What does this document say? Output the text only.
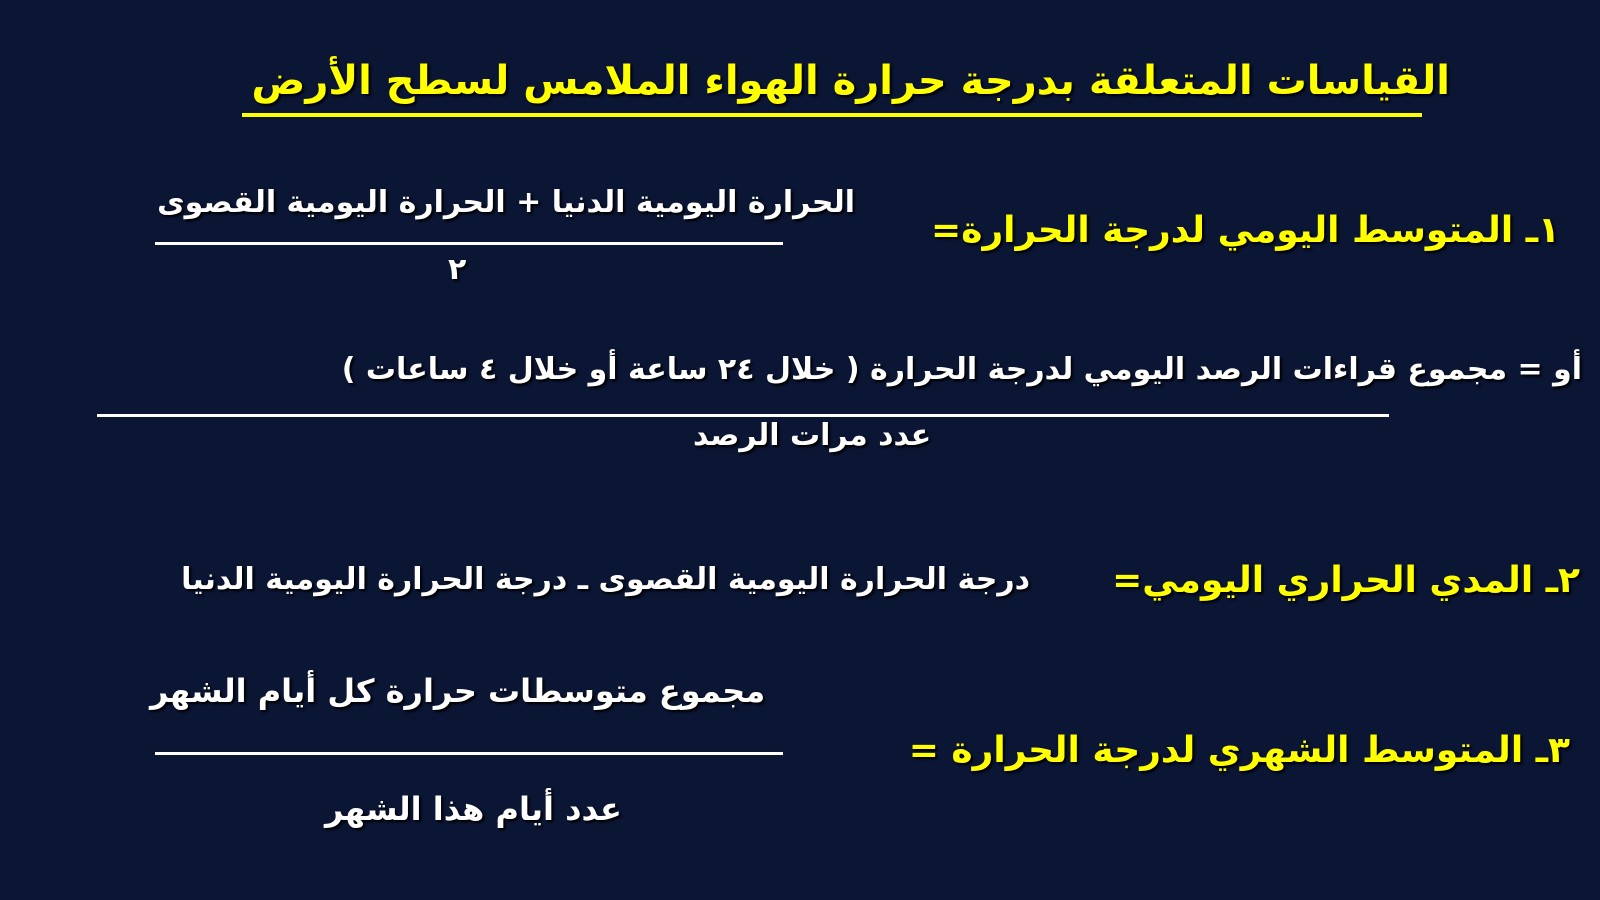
القياسات المتعلقة بدرجة حرارة الهواء الملامس لسطح الأرض
١ـ المتوسط اليومي لدرجة الحرارة=
الحرارة اليومية الدنيا + الحرارة اليومية القصوى
٢
أو = مجموع قراءات الرصد اليومي لدرجة الحرارة ( خلال ٢٤ ساعة أو خلال ٤ ساعات )
عدد مرات الرصد
٢ـ المدي الحراري اليومي=
درجة الحرارة اليومية القصوى ـ درجة الحرارة اليومية الدنيا
٣ـ المتوسط الشهري لدرجة الحرارة =
مجموع متوسطات حرارة كل أيام الشهر
عدد أيام هذا الشهر
